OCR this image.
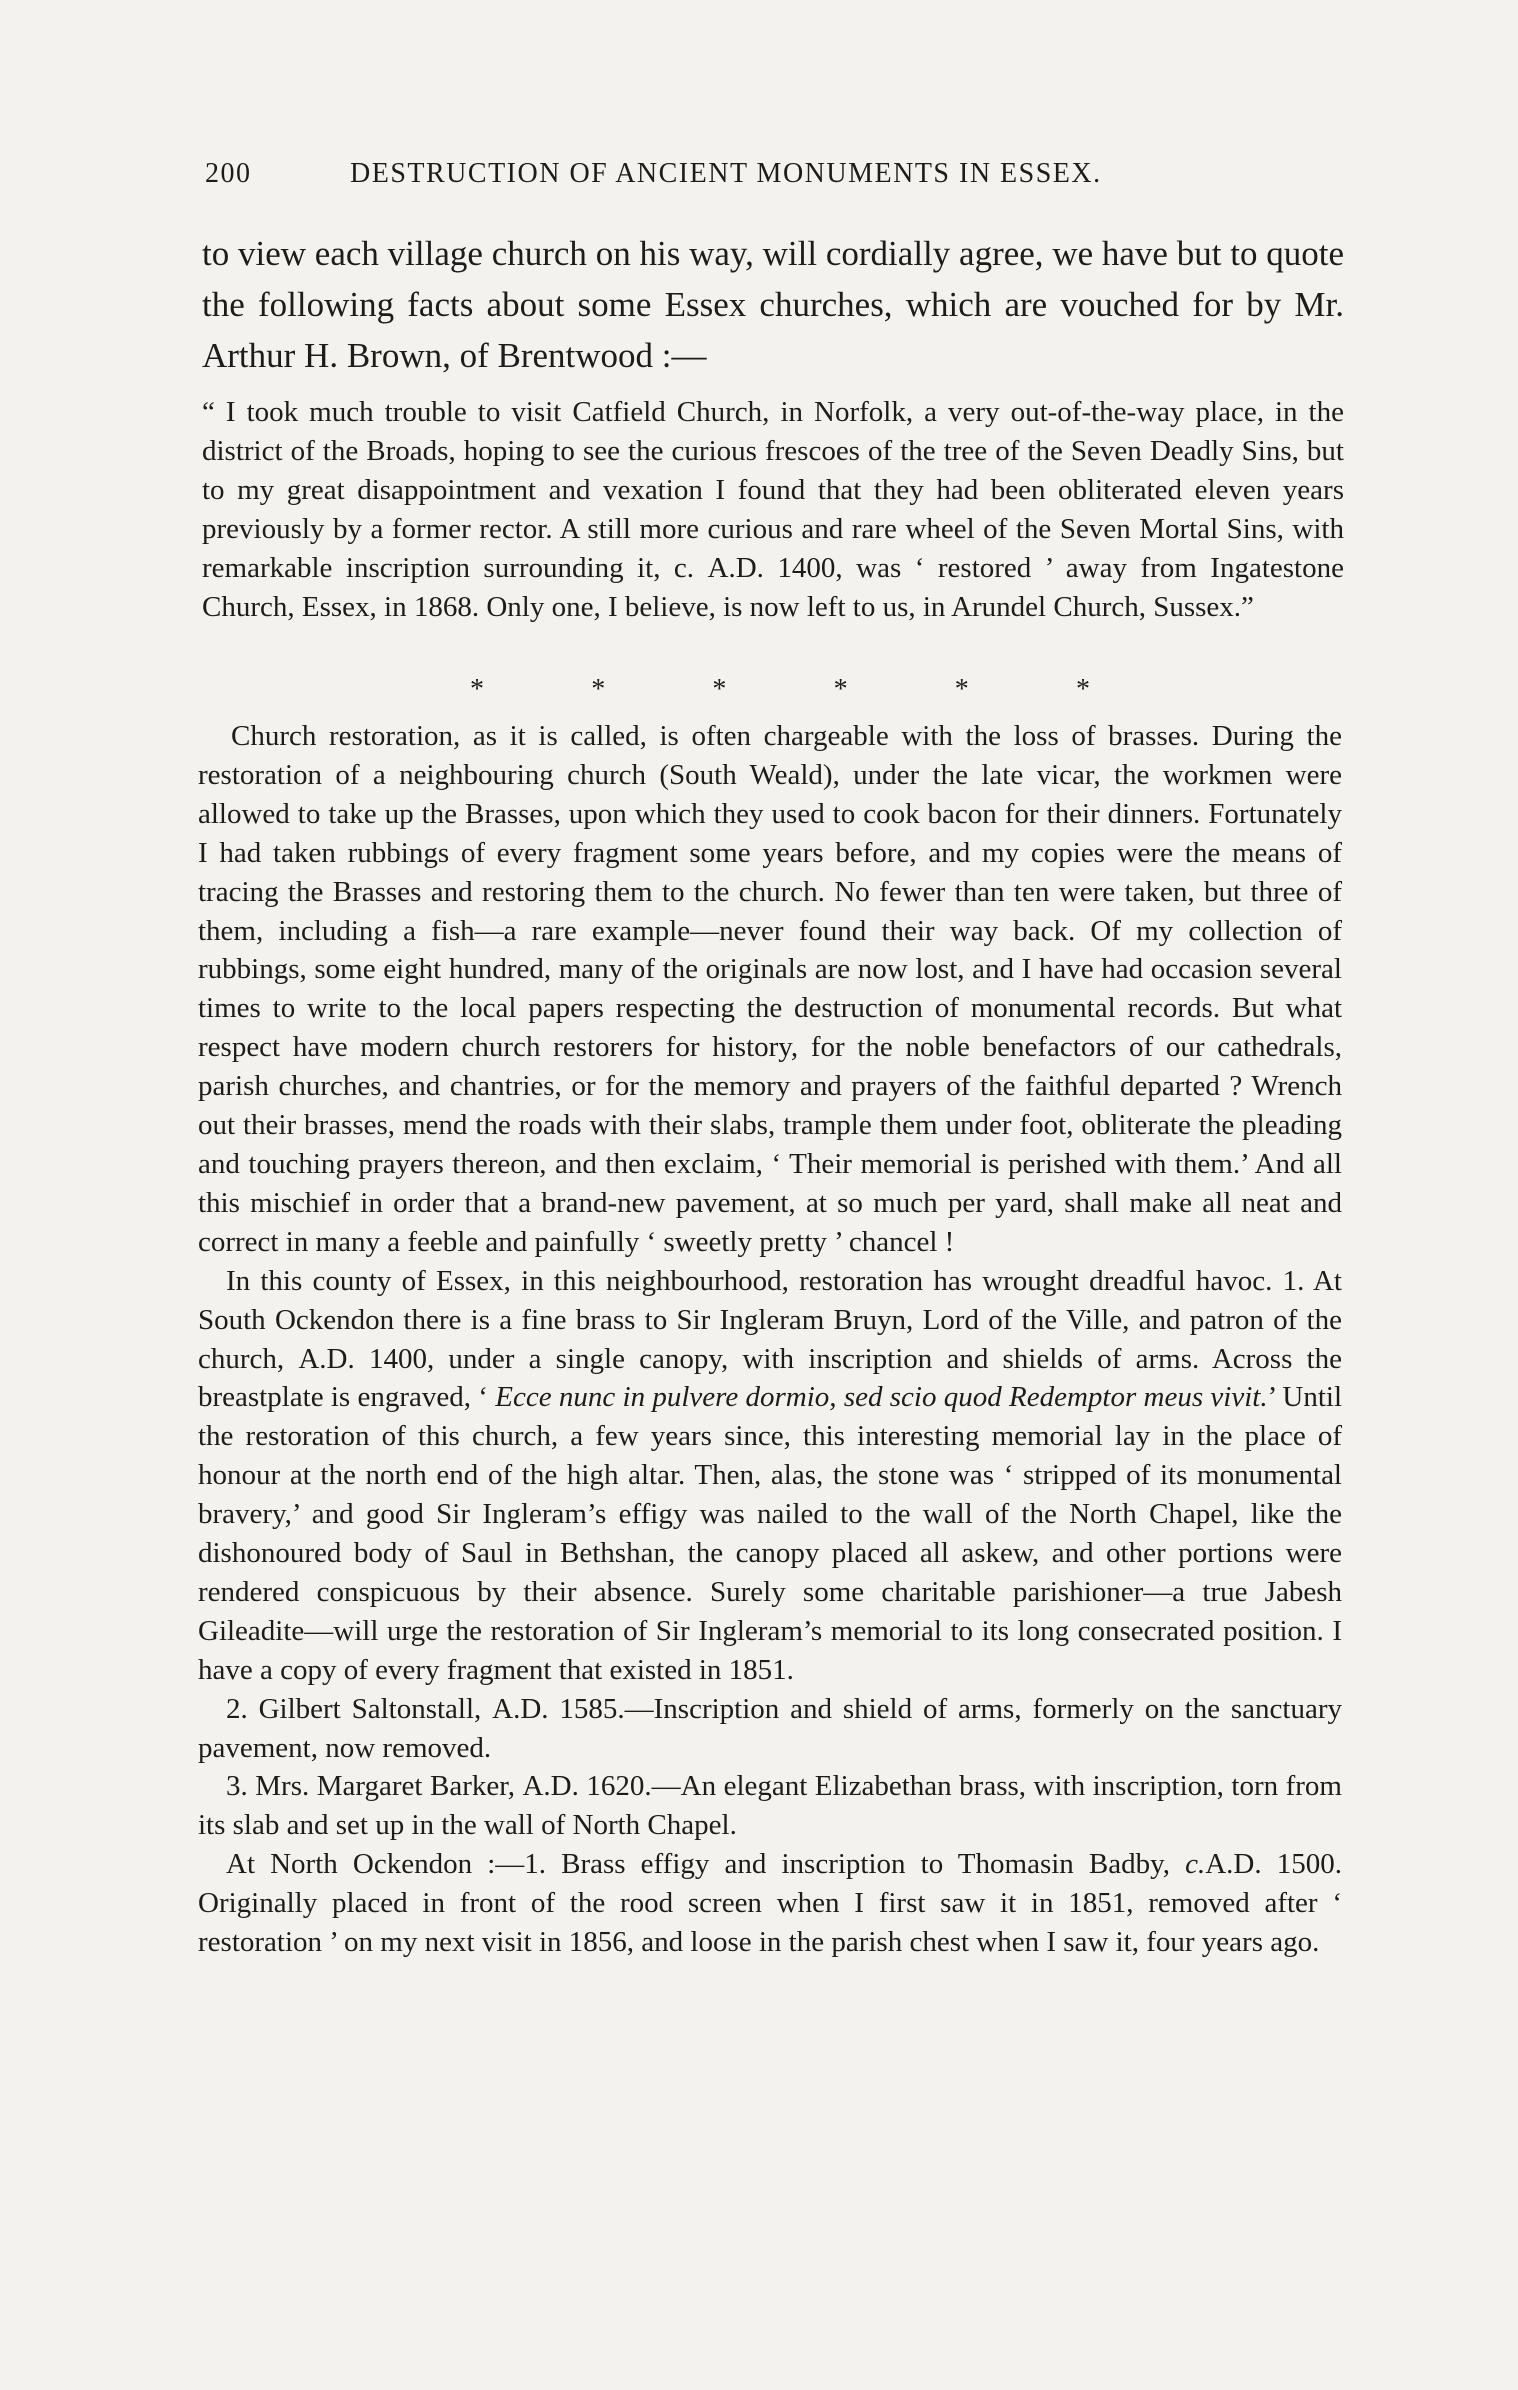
200	DESTRUCTION OF ANCIENT MONUMENTS IN ESSEX.
to view each village church on his way, will cordially agree, we have but to quote the following facts about some Essex churches, which are vouched for by Mr. Arthur H. Brown, of Brentwood :—
“ I took much trouble to visit Catfield Church, in Norfolk, a very out-of-the-way place, in the district of the Broads, hoping to see the curious frescoes of the tree of the Seven Deadly Sins, but to my great disappointment and vexation I found that they had been obliterated eleven years previously by a former rector. A still more curious and rare wheel of the Seven Mortal Sins, with remarkable inscription surrounding it, c. A.D. 1400, was ‘ restored ’ away from Ingatestone Church, Essex, in 1868. Only one, I believe, is now left to us, in Arundel Church, Sussex.”
*	*	*	*	*	*

Church restoration, as it is called, is often chargeable with the loss of brasses. During the restoration of a neighbouring church (South Weald), under the late vicar, the workmen were allowed to take up the Brasses, upon which they used to cook bacon for their dinners. Fortunately I had taken rubbings of every fragment some years before, and my copies were the means of tracing the Brasses and restoring them to the church. No fewer than ten were taken, but three of them, including a fish—a rare example—never found their way back. Of my collection of rubbings, some eight hundred, many of the originals are now lost, and I have had occasion several times to write to the local papers respecting the destruction of monumental records. But what respect have modern church restorers for history, for the noble benefactors of our cathedrals, parish churches, and chantries, or for the memory and prayers of the faithful departed ? Wrench out their brasses, mend the roads with their slabs, trample them under foot, obliterate the pleading and touching prayers thereon, and then exclaim, ‘ Their memorial is perished with them.’ And all this mischief in order that a brand-new pavement, at so much per yard, shall make all neat and correct in many a feeble and painfully ‘ sweetly pretty ’ chancel !

In this county of Essex, in this neighbourhood, restoration has wrought dreadful havoc. 1. At South Ockendon there is a fine brass to Sir Ingleram Bruyn, Lord of the Ville, and patron of the church, A.D. 1400, under a single canopy, with inscription and shields of arms. Across the breastplate is engraved, ‘ Ecce nunc in pulvere dormio, sed scio quod Redemptor meus vivit.’ Until the restoration of this church, a few years since, this interesting memorial lay in the place of honour at the north end of the high altar. Then, alas, the stone was ‘ stripped of its monumental bravery,’ and good Sir Ingleram’s effigy was nailed to the wall of the North Chapel, like the dishonoured body of Saul in Bethshan, the canopy placed all askew, and other portions were rendered conspicuous by their absence. Surely some charitable parishioner—a true Jabesh Gileadite—will urge the restoration of Sir Ingleram’s memorial to its long consecrated position. I have a copy of every fragment that existed in 1851.

2. Gilbert Saltonstall, A.D. 1585.—Inscription and shield of arms, formerly on the sanctuary pavement, now removed.

3. Mrs. Margaret Barker, A.D. 1620.—An elegant Elizabethan brass, with inscription, torn from its slab and set up in the wall of North Chapel.

At North Ockendon :—1. Brass effigy and inscription to Thomasin Badby, c.A.D. 1500. Originally placed in front of the rood screen when I first saw it in 1851, removed after ‘ restoration ’ on my next visit in 1856, and loose in the parish chest when I saw it, four years ago.
